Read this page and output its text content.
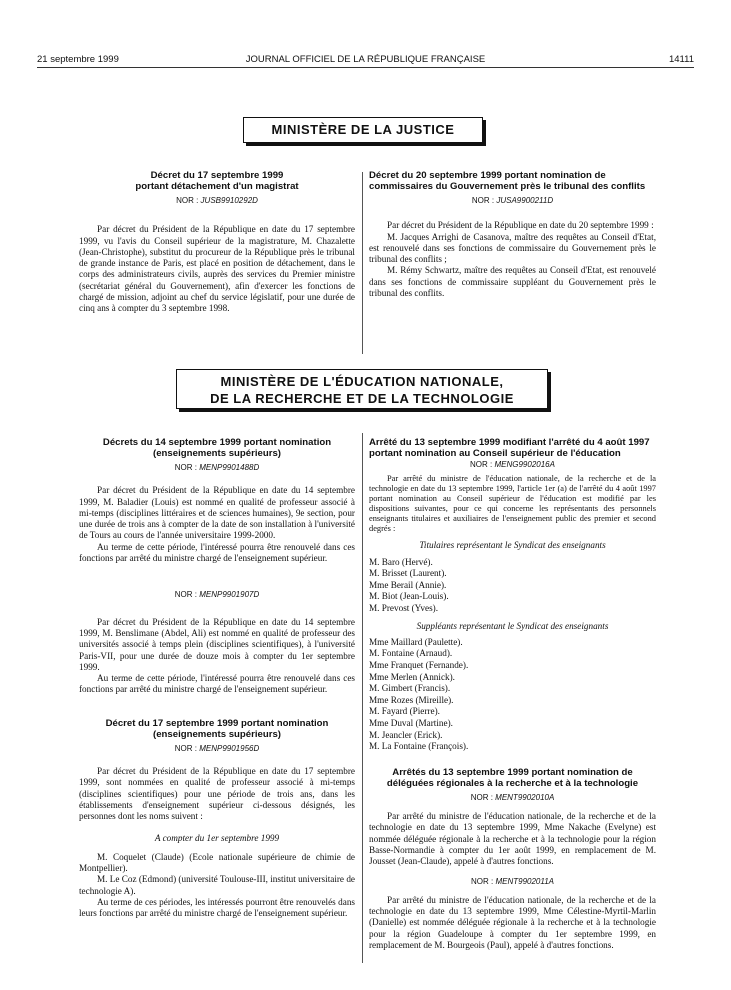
21 septembre 1999	JOURNAL OFFICIEL DE LA RÉPUBLIQUE FRANÇAISE	14111
MINISTÈRE DE LA JUSTICE
Décret du 17 septembre 1999
portant détachement d'un magistrat
NOR : JUSB9910292D

Par décret du Président de la République en date du 17 septembre 1999, vu l'avis du Conseil supérieur de la magistrature, M. Chazalette (Jean-Christophe), substitut du procureur de la République près le tribunal de grande instance de Paris, est placé en position de détachement, dans le corps des administrateurs civils, auprès des services du Premier ministre (secrétariat général du Gouvernement), afin d'exercer les fonctions de chargé de mission, adjoint au chef du service législatif, pour une durée de cinq ans à compter du 3 septembre 1998.

Décret du 20 septembre 1999 portant nomination de commissaires du Gouvernement près le tribunal des conflits
NOR : JUSA9900211D

Par décret du Président de la République en date du 20 septembre 1999 :

M. Jacques Arrighi de Casanova, maître des requêtes au Conseil d'Etat, est renouvelé dans ses fonctions de commissaire du Gouvernement près le tribunal des conflits ;

M. Rémy Schwartz, maître des requêtes au Conseil d'Etat, est renouvelé dans ses fonctions de commissaire suppléant du Gouvernement près le tribunal des conflits.

MINISTÈRE DE L'ÉDUCATION NATIONALE,
DE LA RECHERCHE ET DE LA TECHNOLOGIE
Décrets du 14 septembre 1999 portant nomination
(enseignements supérieurs)
NOR : MENP9901488D

Par décret du Président de la République en date du 14 septembre 1999, M. Baladier (Louis) est nommé en qualité de professeur associé à mi-temps (disciplines littéraires et de sciences humaines), 9e section, pour une durée de trois ans à compter de la date de son installation à l'université de Tours au cours de l'année universitaire 1999-2000.

Au terme de cette période, l'intéressé pourra être renouvelé dans ces fonctions par arrêté du ministre chargé de l'enseignement supérieur.

NOR : MENP9901907D

Par décret du Président de la République en date du 14 septembre 1999, M. Benslimane (Abdel, Ali) est nommé en qualité de professeur des universités associé à temps plein (disciplines scientifiques), à l'université Paris-VII, pour une durée de douze mois à compter du 1er septembre 1999.

Au terme de cette période, l'intéressé pourra être renouvelé dans ces fonctions par arrêté du ministre chargé de l'enseignement supérieur.

Décret du 17 septembre 1999 portant nomination
(enseignements supérieurs)
NOR : MENP9901956D

Par décret du Président de la République en date du 17 septembre 1999, sont nommées en qualité de professeur associé à mi-temps (disciplines scientifiques) pour une période de trois ans, dans les établissements d'enseignement supérieur ci-dessous désignés, les personnes dont les noms suivent :

A compter du 1er septembre 1999

M. Coquelet (Claude) (Ecole nationale supérieure de chimie de Montpellier).

M. Le Coz (Edmond) (université Toulouse-III, institut universitaire de technologie A).

Au terme de ces périodes, les intéressés pourront être renouvelés dans leurs fonctions par arrêté du ministre chargé de l'enseignement supérieur.

Arrêté du 13 septembre 1999 modifiant l'arrêté du 4 août 1997 portant nomination au Conseil supérieur de l'éducation
NOR : MENG9902016A

Par arrêté du ministre de l'éducation nationale, de la recherche et de la technologie en date du 13 septembre 1999, l'article 1er (a) de l'arrêté du 4 août 1997 portant nomination au Conseil supérieur de l'éducation est modifié par les dispositions suivantes, pour ce qui concerne les représentants des personnels enseignants titulaires et auxiliaires de l'enseignement public des premier et second degrés :

Titulaires représentant le Syndicat des enseignants
M. Baro (Hervé).
M. Brisset (Laurent).
Mme Berail (Annie).
M. Biot (Jean-Louis).
M. Prevost (Yves).
Suppléants représentant le Syndicat des enseignants
Mme Maillard (Paulette).
M. Fontaine (Arnaud).
Mme Franquet (Fernande).
Mme Merlen (Annick).
M. Gimbert (Francis).
Mme Rozes (Mireille).
M. Fayard (Pierre).
Mme Duval (Martine).
M. Jeancler (Erick).
M. La Fontaine (François).
Arrêtés du 13 septembre 1999 portant nomination de déléguées régionales à la recherche et à la technologie
NOR : MENT9902010A

Par arrêté du ministre de l'éducation nationale, de la recherche et de la technologie en date du 13 septembre 1999, Mme Nakache (Evelyne) est nommée déléguée régionale à la recherche et à la technologie pour la région Basse-Normandie à compter du 1er août 1999, en remplacement de M. Jousset (Jean-Claude), appelé à d'autres fonctions.

NOR : MENT9902011A

Par arrêté du ministre de l'éducation nationale, de la recherche et de la technologie en date du 13 septembre 1999, Mme Célestine-Myrtil-Marlin (Danielle) est nommée déléguée régionale à la recherche et à la technologie pour la région Guadeloupe à compter du 1er septembre 1999, en remplacement de M. Bourgeois (Paul), appelé à d'autres fonctions.
